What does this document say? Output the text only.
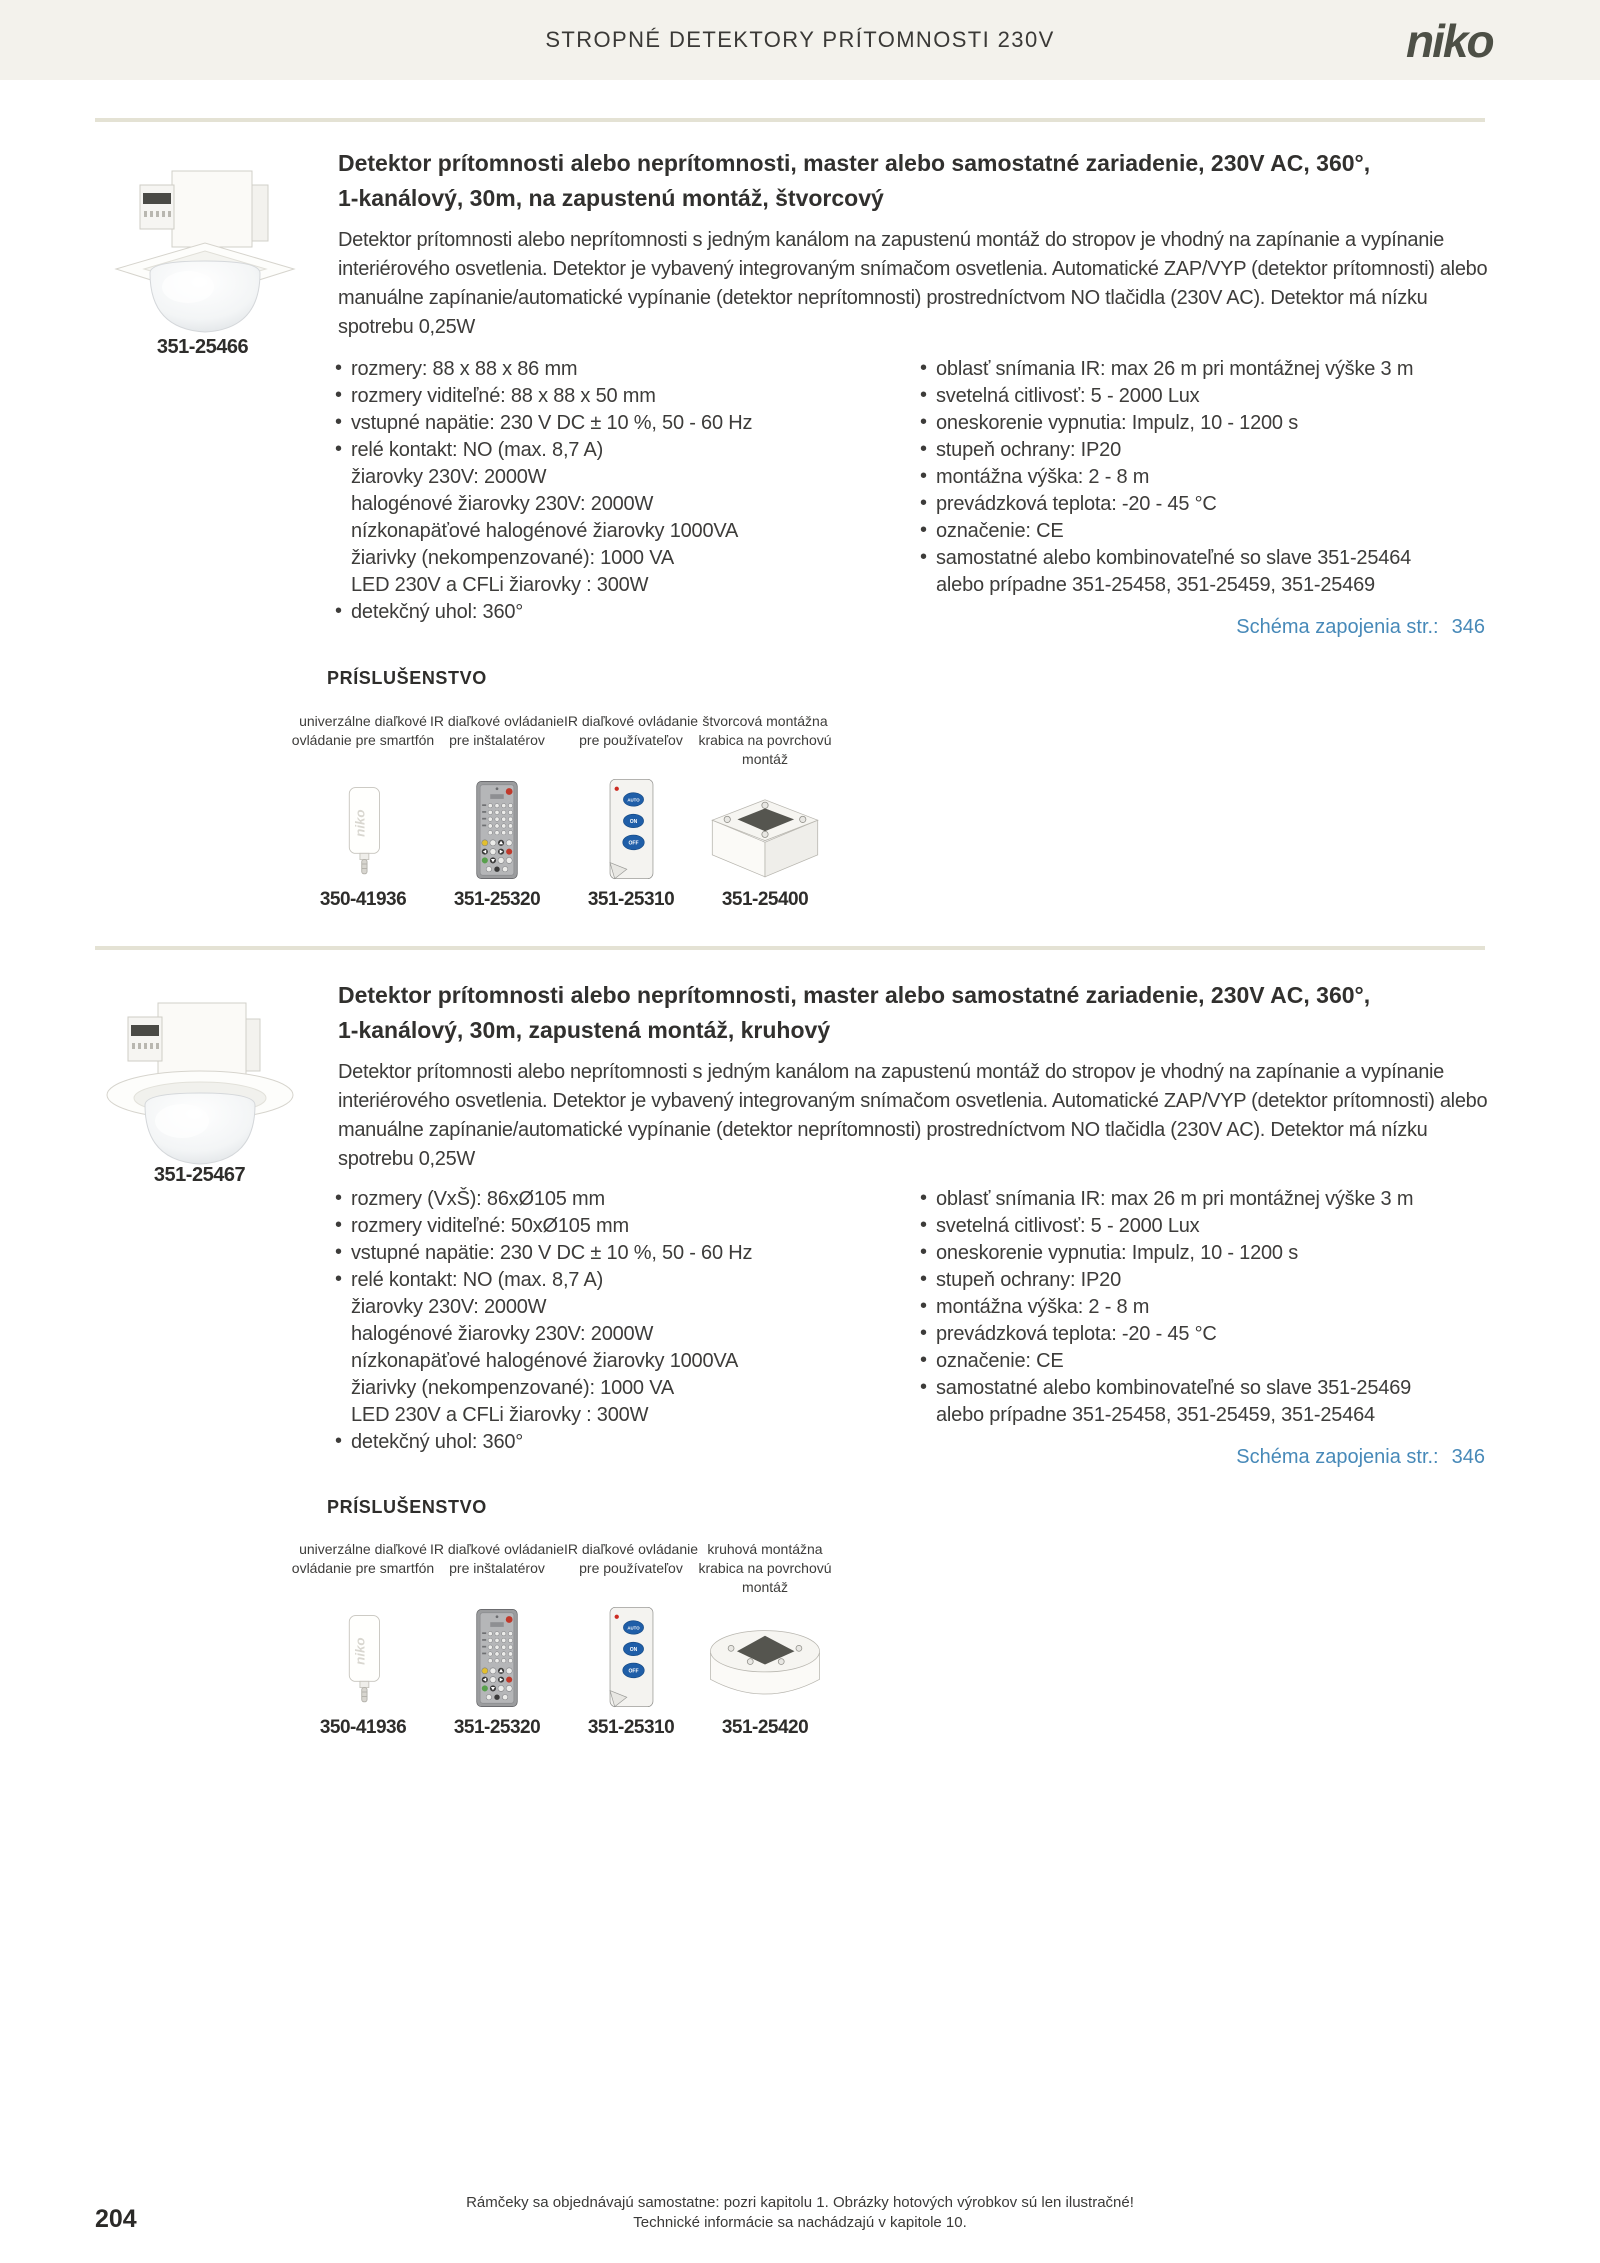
STROPNÉ DETEKTORY PRÍTOMNOSTI 230V	niko
351-25466
Detektor prítomnosti alebo neprítomnosti, master alebo samostatné zariadenie, 230V AC, 360°,
1-kanálový, 30m, na zapustenú montáž, štvorcový
Detektor prítomnosti alebo neprítomnosti s jedným kanálom na zapustenú montáž do stropov je vhodný na zapínanie a vypínanie interiérového osvetlenia. Detektor je vybavený integrovaným snímačom osvetlenia. Automatické ZAP/VYP (detektor prítomnosti) alebo manuálne zapínanie/automatické vypínanie (detektor neprítomnosti) prostredníctvom NO tlačidla (230V AC). Detektor má nízku spotrebu 0,25W
• rozmery: 88 x 88 x 86 mm
• rozmery viditeľné: 88 x 88 x 50 mm
• vstupné napätie: 230 V DC ± 10 %, 50 - 60 Hz
• relé kontakt: NO (max. 8,7 A)
žiarovky 230V: 2000W
halogénové žiarovky 230V: 2000W
nízkonapäťové halogénové žiarovky 1000VA
žiarivky (nekompenzované): 1000 VA
LED 230V a CFLi žiarovky : 300W
• detekčný uhol: 360°
• oblasť snímania IR: max 26 m pri montážnej výške 3 m
• svetelná citlivosť: 5 - 2000 Lux
• oneskorenie vypnutia: Impulz, 10 - 1200 s
• stupeň ochrany: IP20
• montážna výška: 2 - 8 m
• prevádzková teplota: -20 - 45 °C
• označenie: CE
• samostatné alebo kombinovateľné so slave 351-25464
alebo prípadne 351-25458, 351-25459, 351-25469
Schéma zapojenia str.: 346
PRÍSLUŠENSTVO
univerzálne diaľkové ovládanie pre smartfón
niko
350-41936
IR diaľkové ovládanie pre inštalatérov
351-25320
IR diaľkové ovládanie pre používateľov
AUTO
ON
OFF
351-25310
štvorcová montážna krabica na povrchovú montáž
351-25400
351-25467
Detektor prítomnosti alebo neprítomnosti, master alebo samostatné zariadenie, 230V AC, 360°,
1-kanálový, 30m, zapustená montáž, kruhový
Detektor prítomnosti alebo neprítomnosti s jedným kanálom na zapustenú montáž do stropov je vhodný na zapínanie a vypínanie interiérového osvetlenia. Detektor je vybavený integrovaným snímačom osvetlenia. Automatické ZAP/VYP (detektor prítomnosti) alebo manuálne zapínanie/automatické vypínanie (detektor neprítomnosti) prostredníctvom NO tlačidla (230V AC). Detektor má nízku spotrebu 0,25W
• rozmery (VxŠ): 86xØ105 mm
• rozmery viditeľné: 50xØ105 mm
• vstupné napätie: 230 V DC ± 10 %, 50 - 60 Hz
• relé kontakt: NO (max. 8,7 A)
žiarovky 230V: 2000W
halogénové žiarovky 230V: 2000W
nízkonapäťové halogénové žiarovky 1000VA
žiarivky (nekompenzované): 1000 VA
LED 230V a CFLi žiarovky : 300W
• detekčný uhol: 360°
• oblasť snímania IR: max 26 m pri montážnej výške 3 m
• svetelná citlivosť: 5 - 2000 Lux
• oneskorenie vypnutia: Impulz, 10 - 1200 s
• stupeň ochrany: IP20
• montážna výška: 2 - 8 m
• prevádzková teplota: -20 - 45 °C
• označenie: CE
• samostatné alebo kombinovateľné so slave 351-25469
alebo prípadne 351-25458, 351-25459, 351-25464
Schéma zapojenia str.: 346
PRÍSLUŠENSTVO
univerzálne diaľkové ovládanie pre smartfón
niko
350-41936
IR diaľkové ovládanie pre inštalatérov
351-25320
IR diaľkové ovládanie pre používateľov
AUTO
ON
OFF
351-25310
kruhová montážna krabica na povrchovú montáž
351-25420
Rámčeky sa objednávajú samostatne: pozri kapitolu 1. Obrázky hotových výrobkov sú len ilustračné!
Technické informácie sa nachádzajú v kapitole 10.
204
